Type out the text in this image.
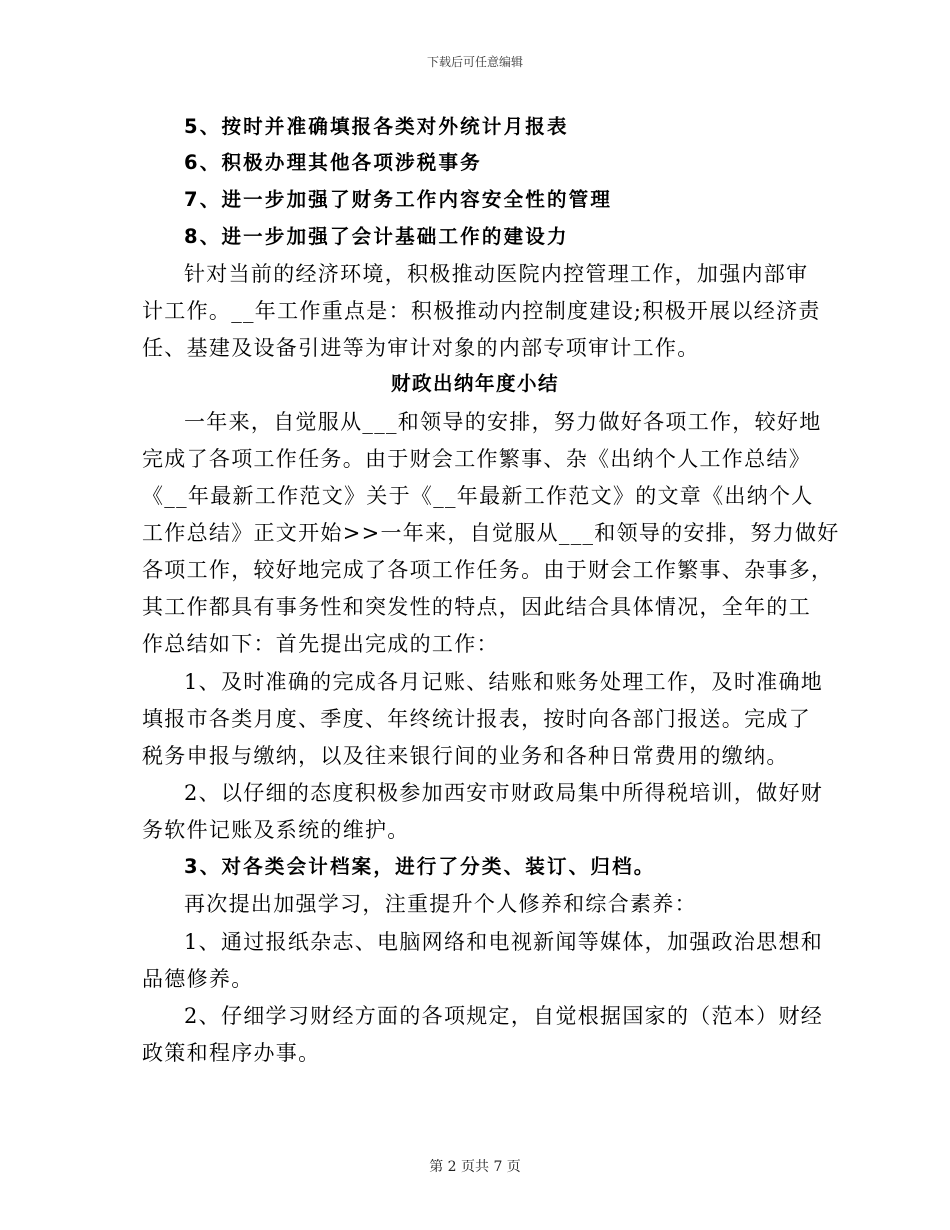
下载后可任意编辑
5、按时并准确填报各类对外统计月报表
6、积极办理其他各项涉税事务
7、进一步加强了财务工作内容安全性的管理
8、进一步加强了会计基础工作的建设力
针对当前的经济环境，积极推动医院内控管理工作，加强内部审
计工作。__年工作重点是：积极推动内控制度建设;积极开展以经济责
任、基建及设备引进等为审计对象的内部专项审计工作。
财政出纳年度小结
一年来，自觉服从___和领导的安排，努力做好各项工作，较好地
完成了各项工作任务。由于财会工作繁事、杂《出纳个人工作总结》
《__年最新工作范文》关于《__年最新工作范文》的文章《出纳个人
工作总结》正文开始>>一年来，自觉服从___和领导的安排，努力做好
各项工作，较好地完成了各项工作任务。由于财会工作繁事、杂事多，
其工作都具有事务性和突发性的特点，因此结合具体情况，全年的工
作总结如下：首先提出完成的工作：
1、及时准确的完成各月记账、结账和账务处理工作，及时准确地
填报市各类月度、季度、年终统计报表，按时向各部门报送。完成了
税务申报与缴纳，以及往来银行间的业务和各种日常费用的缴纳。
2、以仔细的态度积极参加西安市财政局集中所得税培训，做好财
务软件记账及系统的维护。
3、对各类会计档案，进行了分类、装订、归档。
再次提出加强学习，注重提升个人修养和综合素养：
1、通过报纸杂志、电脑网络和电视新闻等媒体，加强政治思想和
品德修养。
2、仔细学习财经方面的各项规定，自觉根据国家的（范本）财经
政策和程序办事。
第 2 页共 7 页
